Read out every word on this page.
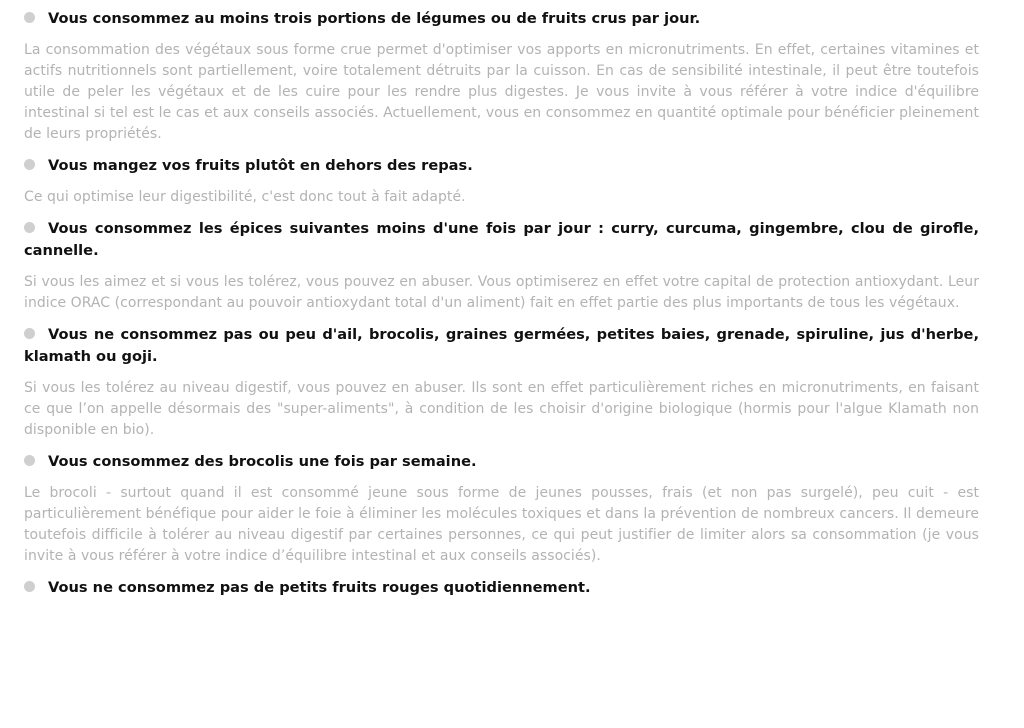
Vous consommez au moins trois portions de légumes ou de fruits crus par jour.

La consommation des végétaux sous forme crue permet d'optimiser vos apports en micronutriments. En effet, certaines vitamines et actifs nutritionnels sont partiellement, voire totalement détruits par la cuisson. En cas de sensibilité intestinale, il peut être toutefois utile de peler les végétaux et de les cuire pour les rendre plus digestes. Je vous invite à vous référer à votre indice d'équilibre intestinal si tel est le cas et aux conseils associés. Actuellement, vous en consommez en quantité optimale pour bénéficier pleinement de leurs propriétés.

Vous mangez vos fruits plutôt en dehors des repas.

Ce qui optimise leur digestibilité, c'est donc tout à fait adapté.

Vous consommez les épices suivantes moins d'une fois par jour : curry, curcuma, gingembre, clou de girofle, cannelle.

Si vous les aimez et si vous les tolérez, vous pouvez en abuser. Vous optimiserez en effet votre capital de protection antioxydant. Leur indice ORAC (correspondant au pouvoir antioxydant total d'un aliment) fait en effet partie des plus importants de tous les végétaux.

Vous ne consommez pas ou peu d'ail, brocolis, graines germées, petites baies, grenade, spiruline, jus d'herbe, klamath ou goji.

Si vous les tolérez au niveau digestif, vous pouvez en abuser. Ils sont en effet particulièrement riches en micronutriments, en faisant ce que l’on appelle désormais des "super-aliments", à condition de les choisir d'origine biologique (hormis pour l'algue Klamath non disponible en bio).

Vous consommez des brocolis une fois par semaine.

Le brocoli - surtout quand il est consommé jeune sous forme de jeunes pousses, frais (et non pas surgelé), peu cuit - est particulièrement bénéfique pour aider le foie à éliminer les molécules toxiques et dans la prévention de nombreux cancers. Il demeure toutefois difficile à tolérer au niveau digestif par certaines personnes, ce qui peut justifier de limiter alors sa consommation (je vous invite à vous référer à votre indice d’équilibre intestinal et aux conseils associés).

Vous ne consommez pas de petits fruits rouges quotidiennement.
